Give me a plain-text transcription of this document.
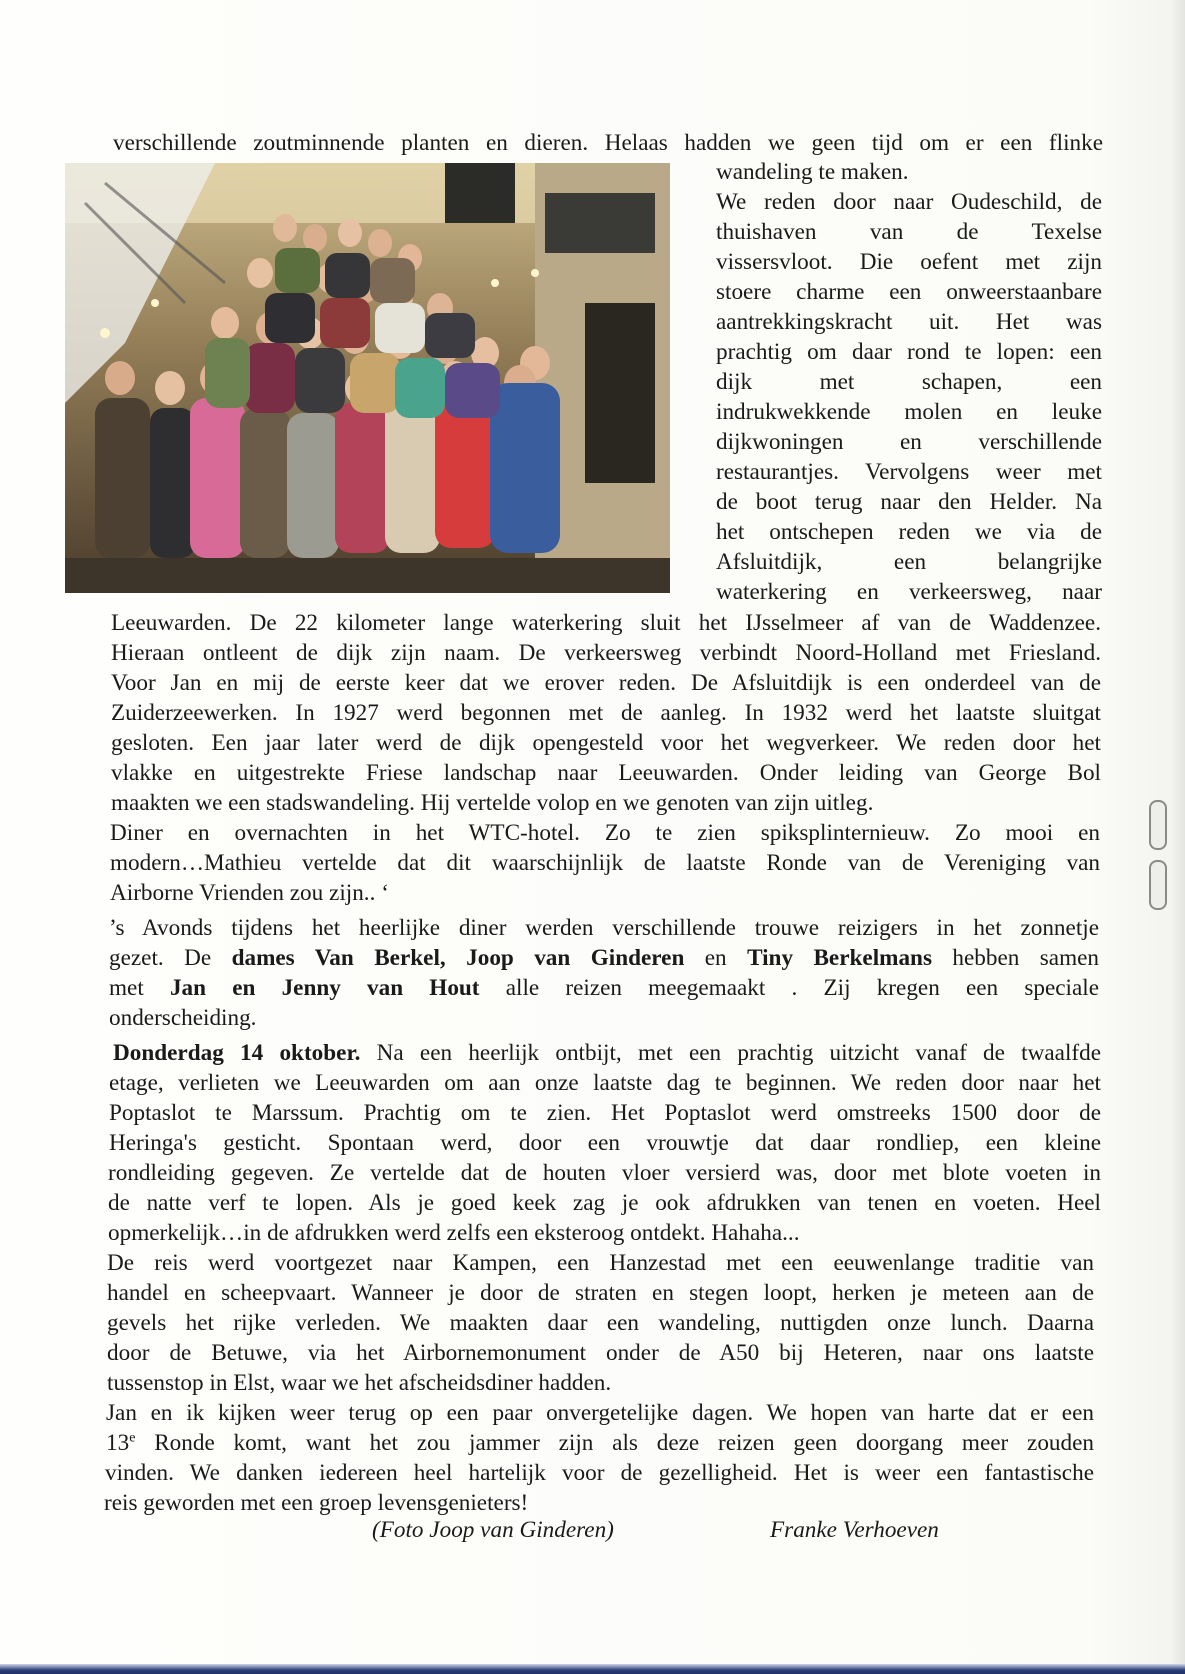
verschillende zoutminnende planten en dieren. Helaas hadden we geen tijd om er een flinke
wandeling te maken.
We reden door naar Oudeschild, de
thuishaven van de Texelse
vissersvloot. Die oefent met zijn
stoere charme een onweerstaanbare
aantrekkingskracht uit. Het was
prachtig om daar rond te lopen: een
dijk met schapen, een
indrukwekkende molen en leuke
dijkwoningen en verschillende
restaurantjes. Vervolgens weer met
de boot terug naar den Helder. Na
het ontschepen reden we via de
Afsluitdijk, een belangrijke
waterkering en verkeersweg, naar
Leeuwarden. De 22 kilometer lange waterkering sluit het IJsselmeer af van de Waddenzee.
Hieraan ontleent de dijk zijn naam. De verkeersweg verbindt Noord-Holland met Friesland.
Voor Jan en mij de eerste keer dat we erover reden. De Afsluitdijk is een onderdeel van de
Zuiderzeewerken. In 1927 werd begonnen met de aanleg. In 1932 werd het laatste sluitgat
gesloten. Een jaar later werd de dijk opengesteld voor het wegverkeer. We reden door het
vlakke en uitgestrekte Friese landschap naar Leeuwarden. Onder leiding van George Bol
maakten we een stadswandeling. Hij vertelde volop en we genoten van zijn uitleg.
Diner en overnachten in het WTC-hotel. Zo te zien spiksplinternieuw. Zo mooi en
modern…Mathieu vertelde dat dit waarschijnlijk de laatste Ronde van de Vereniging van
Airborne Vrienden zou zijn.. ‘
’s Avonds tijdens het heerlijke diner werden verschillende trouwe reizigers in het zonnetje
gezet. De dames Van Berkel, Joop van Ginderen en Tiny Berkelmans hebben samen
met Jan en Jenny van Hout alle reizen meegemaakt . Zij kregen een speciale
onderscheiding.
Donderdag 14 oktober. Na een heerlijk ontbijt, met een prachtig uitzicht vanaf de twaalfde
etage, verlieten we Leeuwarden om aan onze laatste dag te beginnen. We reden door naar het
Poptaslot te Marssum. Prachtig om te zien. Het Poptaslot werd omstreeks 1500 door de
Heringa's gesticht. Spontaan werd, door een vrouwtje dat daar rondliep, een kleine
rondleiding gegeven. Ze vertelde dat de houten vloer versierd was, door met blote voeten in
de natte verf te lopen. Als je goed keek zag je ook afdrukken van tenen en voeten. Heel
opmerkelijk…in de afdrukken werd zelfs een eksteroog ontdekt. Hahaha...
De reis werd voortgezet naar Kampen, een Hanzestad met een eeuwenlange traditie van
handel en scheepvaart. Wanneer je door de straten en stegen loopt, herken je meteen aan de
gevels het rijke verleden. We maakten daar een wandeling, nuttigden onze lunch. Daarna
door de Betuwe, via het Airbornemonument onder de A50 bij Heteren, naar ons laatste
tussenstop in Elst, waar we het afscheidsdiner hadden.
Jan en ik kijken weer terug op een paar onvergetelijke dagen. We hopen van harte dat er een
13e Ronde komt, want het zou jammer zijn als deze reizen geen doorgang meer zouden
vinden. We danken iedereen heel hartelijk voor de gezelligheid. Het is weer een fantastische
reis geworden met een groep levensgenieters!
(Foto Joop van Ginderen)	Franke Verhoeven
